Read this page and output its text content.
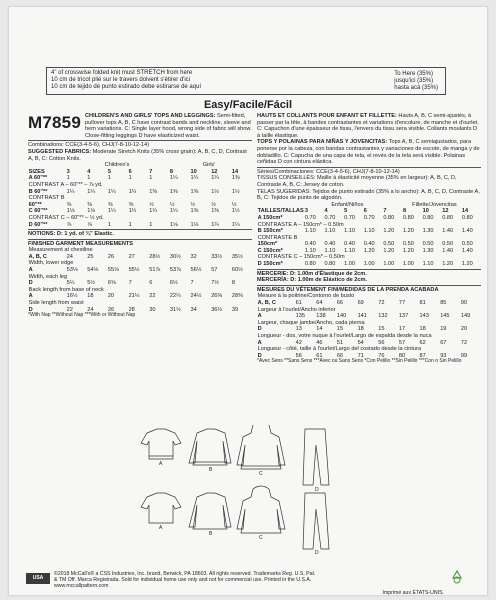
4" of crosswise folded knit must STRETCH from here
10 cm de tricot plié sur le travers doivent s'étirer d'ici
10 cm de tejido de punto estirado debe estirarse de aquí
To Here (35%)
jusqu'ici (35%)
hasta acá (35%)
Easy/Facile/Fácil
M7859 CHILDREN'S AND GIRLS' TOPS AND LEGGINGS: Semi-fitted, pullover tops A, B, C have contrast bands and neckline, sleeve and hem variations. C: Single layer hood, wrong side of fabric will show. Close-fitting leggings D have elasticized waist.
Combinations: CCE(3-4-5-6), CHJ(7-8-10-12-14)
SUGGESTED FABRICS: Moderate Stretch Knits (35% cross grain): A, B, C, D, Contrast A, B, C: Cotton Knits.
Children's	Girls'
SIZES	3	4	5	6	7	8	10	12	14
A 60"**	1	1	1	1	1	1¼	1¼	1¼	1⅜
CONTRAST A – 60"** – ⅞ yd.									
B 60"**	1¼	1¼	1¼	1¼	1⅜	1⅜	1⅜	1½	1½
CONTRAST B									
60"**	⅜	⅜	⅜	⅜	½	½	½	½	½
C 60"**	1⅛	1⅛	1¼	1¼	1¼	1¼	1⅜	1⅜	1½
CONTRAST C – 60"** – ½ yd.									
D 60"**	⅞	⅞	1	1	1	1⅛	1⅛	1¼	1¼
NOTIONS: D: 1 yd. of ¾" Elastic.
FINISHED GARMENT MEASUREMENTS
Measurement at chestline									
A, B, C	24	25	26	27	28½	30½	32	33½	35½
Width, lower edge									
A	53⅛	54⅛	55⅛	55½	51⅞	53⅞	56½	57	60½
Width, each leg									
D	5¼	5½	6⅝	7	6	6½	7	7½	8
Back length from base of neck									
A	16½	18	20	21¼	22	22¼	24½	26⅜	28⅜
Side length from waist									
D	22	24	26	28	30	31½	34	36½	39
*With Nap **Without Nap ***With or Without Nap
HAUTS ET COLLANTS POUR ENFANT ET FILLETTE: Hauts A, B, C semi-ajustés, à passer par la tête, à bandes contrastantes et variations d'encolure, de manche et d'ourlet. C: Capuchon d'une épaisseur de tissu, l'envers du tissu sera visible. Collants moulants D à taille élastique.
TOPS Y POLAINAS PARA NIÑAS Y JOVENCITAS: Tops A, B, C semiajustados, para ponerse por la cabeza, con bandas contrastantes y variaciones de escote, de manga y de dobladillo. C: Capucha de una capa de tela, el revés de la tela será visible. Polainas ceñidas D con cintura elástica.
Séries/Combinaciones: CCE(3-4-5-6), CHJ(7-8-10-12-14)
TISSUS CONSEILLÉS: Maille à élasticité moyenne (35% en largeur): A, B, C, D, Contraste A, B, C: Jersey de coton.
TELAS SUGERIDAS: Tejidos de punto estirado (35% a lo ancho): A, B, C, D, Contraste A, B, C: Tejidos de punto de algodón.
Enfant/Niños	Fillette/Jovencitas
TAILLES/TALLAS	3	4	5	6	7	8	10	12	14
A 150cm*	0.70	0.70	0.70	0.70	0.80	0.80	0.80	0.80	0.80
CONTRASTE A – 150cm* – 0.50m									
B 150cm*	1.10	1.10	1.10	1.10	1.20	1.20	1.30	1.40	1.40
CONTRASTE B									
150cm*	0.40	0.40	0.40	0.40	0.50	0.50	0.50	0.50	0.50
C 150cm*	1.10	1.10	1.10	1.20	1.20	1.20	1.30	1.40	1.40
CONTRASTE C – 150cm* – 0.50m									
D 150cm*	0.80	0.80	1.00	1.00	1.00	1.00	1.10	1.20	1.20
MERCERIE: D: 1.00m d'Élastique de 2cm.
MERCERÍA: D: 1.00m de Elástico de 2cm.
MESURES DU VÊTEMENT FINI/MEDIDAS DE LA PRENDA ACABADA
Mesure à la poitrine/Contorno de busto									
A, B, C	61	64	66	69	72	77	81	85	90
Largeur à l'ourlet/Ancho inferior									
A	135	138	140	141	132	137	143	145	149
Largeur, chaque jambe/Ancho, cada pierna									
D	13	14	15	18	15	17	18	19	20
Longueur - dos, votre nuque à l'ourlet/Largo de espalda desde la nuca									
A	42	46	51	54	56	57	62	67	72
Longueur - côté, taille à l'ourlet/Largo del costado desde la cintura									
D	56	61	66	71	76	80	87	93	99
*Avec Sens **Sans Sens ***Avec ou Sans Sens *Con Pelillo **Sin Pelillo ***Con o Sin Pelillo
A
B
C
D
A
B
C
D
USA
©2018 McCall's® a CSS Industries, Inc. brand, Berwick, PA 18603. All rights reserved. Trademarks Reg. U.S. Pat.
& TM Off. Marca Registrada. Sold for individual home use only and not for commercial use. Printed in the U.S.A.
www.mccallpattern.com
Imprimé aux ÉTATS-UNIS.
